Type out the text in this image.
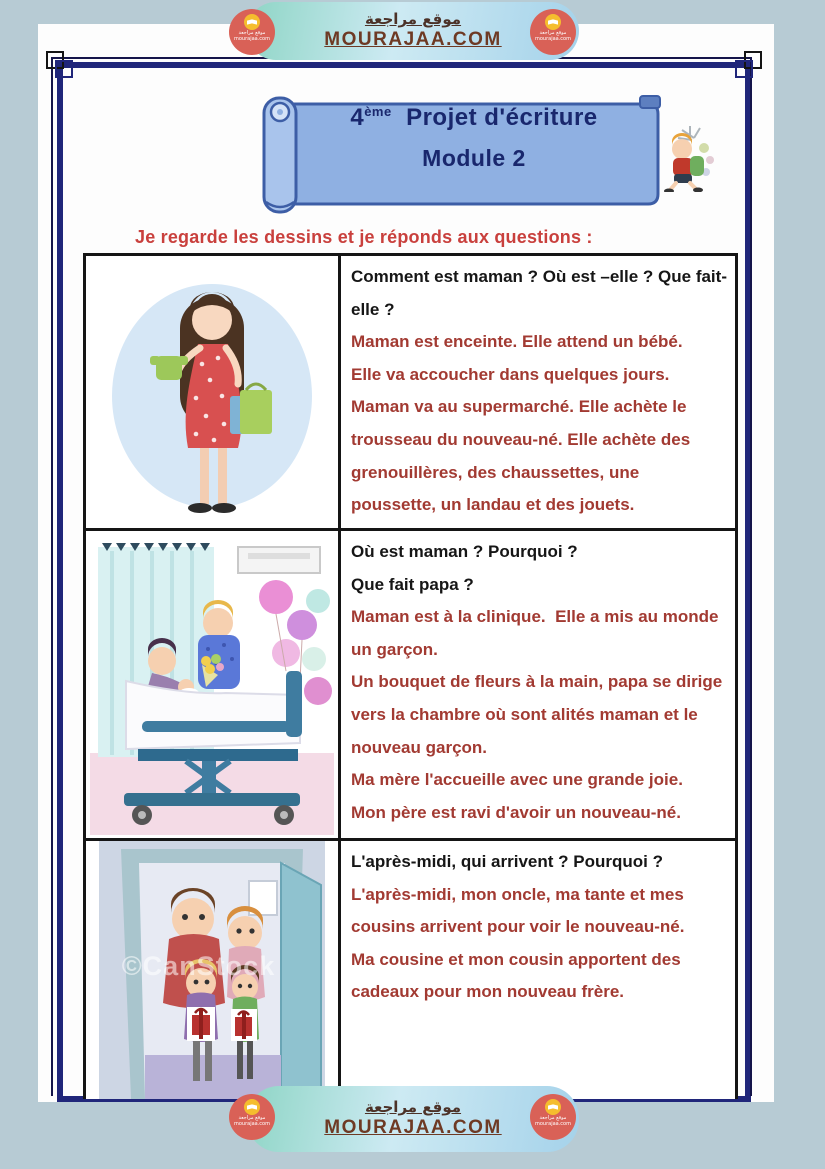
Comment est maman ? Où est –elle ? Que fait-elle ?

Maman est enceinte. Elle attend un bébé.

Elle va accoucher dans quelques jours.

Maman va au supermarché. Elle achète le trousseau du nouveau-né. Elle achète des grenouillères, des chaussettes, une poussette, un landau et des jouets.

Où est maman ? Pourquoi ?

Que fait papa ?

Maman est à la clinique.  Elle a mis au monde un garçon.

Un bouquet de fleurs à la main, papa se dirige vers la chambre où sont alités maman et le nouveau garçon.

Ma mère l'accueille avec une grande joie.

Mon père est ravi d'avoir un nouveau-né.

©CanStock

L'après-midi, qui arrivent ? Pourquoi ?

L'après-midi, mon oncle, ma tante et mes cousins arrivent pour voir le nouveau-né.

Ma cousine et mon cousin apportent des cadeaux pour mon nouveau frère.

4ème Projet d'écriture
Module 2
Je regarde les dessins et je réponds aux questions :
موقع مراجعة
MOURAJAA.COM
موقع مراجعة
mourajaa.com
موقع مراجعة
mourajaa.com
موقع مراجعة
MOURAJAA.COM
موقع مراجعة
mourajaa.com
موقع مراجعة
mourajaa.com
